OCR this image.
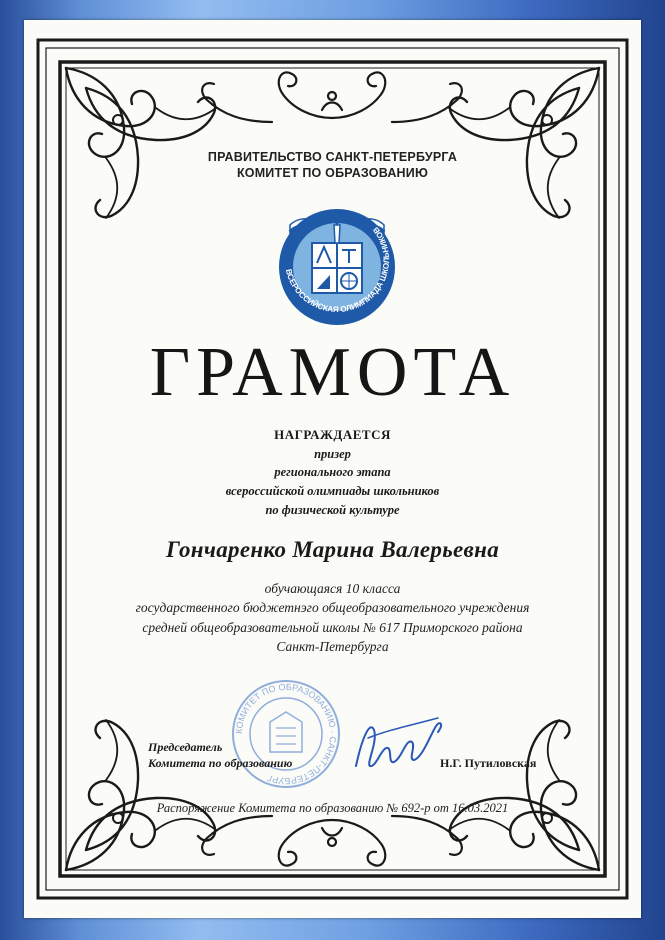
ПРАВИТЕЛЬСТВО САНКТ-ПЕТЕРБУРГА

КОМИТЕТ ПО ОБРАЗОВАНИЮ

ВСЕРОССИЙСКАЯ ОЛИМПИАДА ШКОЛЬНИКОВ

ГРАМОТА

НАГРАЖДАЕТСЯ

призер

регионального этапа

всероссийской олимпиады школьников

по физической культуре

Гончаренко Марина Валерьевна

обучающаяся 10 класса

государственного бюджетнэго общеобразовательного учреждения

средней общеобразовательной школы № 617 Приморского района

Санкт-Петербурга

КОМИТЕТ ПО ОБРАЗОВАНИЮ · САНКТ-ПЕТЕРБУРГ
Председатель
Комитета по образованию	Н.Г. Путиловская

Распоряжение Комитета по образованию № 692-р от 16.03.2021
